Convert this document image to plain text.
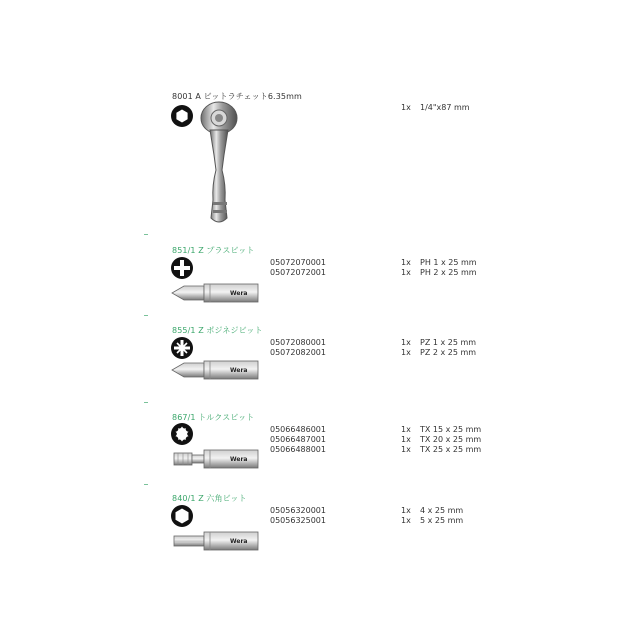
8001 A ビットラチェット6.35mm
1x 1/4"x87 mm
851/1 Z プラスビット
Wera
05072070001
05072072001
1x
1x
PH 1 x 25 mm
PH 2 x 25 mm
855/1 Z ポジネジビット
Wera
05072080001
05072082001
1x
1x
PZ 1 x 25 mm
PZ 2 x 25 mm
867/1 トルクスビット
Wera
05066486001
05066487001
05066488001
1x
1x
1x
TX 15 x 25 mm
TX 20 x 25 mm
TX 25 x 25 mm
840/1 Z 六角ビット
Wera
05056320001
05056325001
1x
1x
4 x 25 mm
5 x 25 mm
